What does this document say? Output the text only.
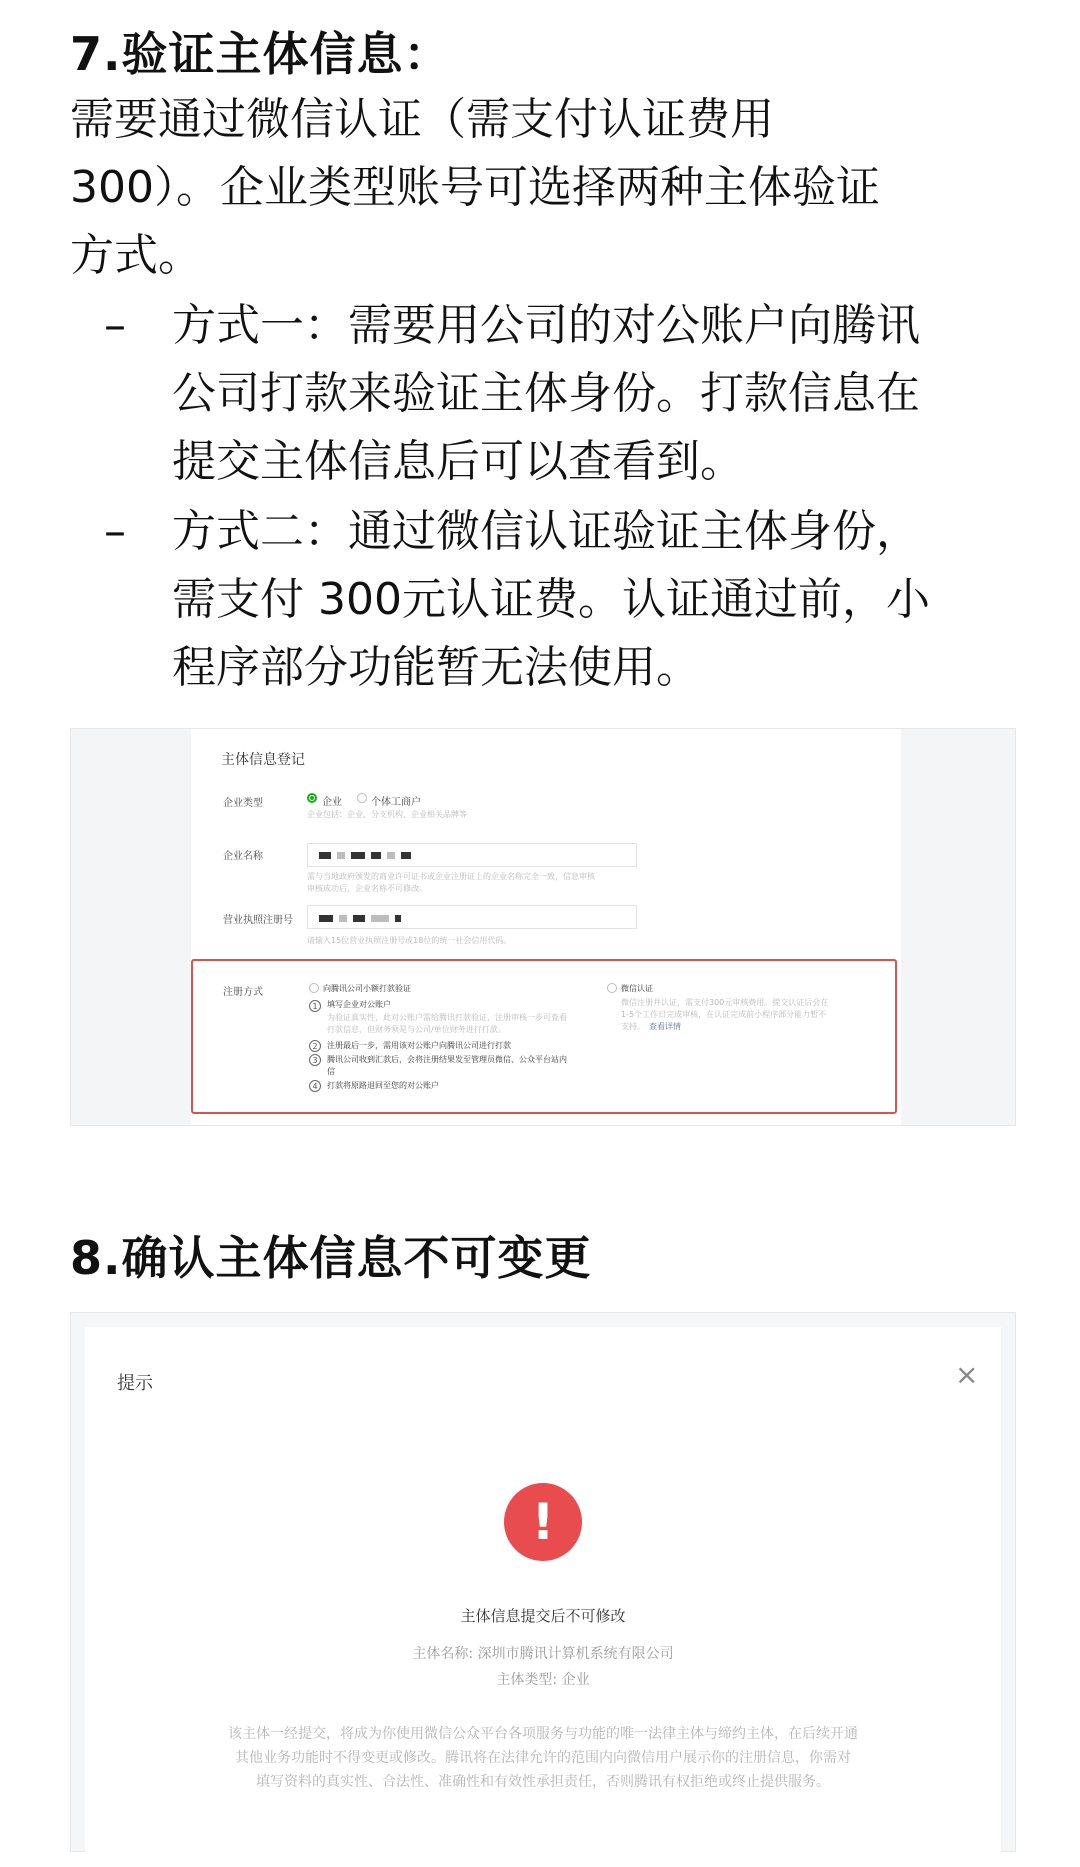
7.验证主体信息：
需要通过微信认证（需支付认证费用
300）。企业类型账号可选择两种主体验证
方式。
– 方式一：需要用公司的对公账户向腾讯
公司打款来验证主体身份。打款信息在
提交主体信息后可以查看到。
– 方式二：通过微信认证验证主体身份，
需支付 300元认证费。认证通过前，小
程序部分功能暂无法使用。
主体信息登记
企业类型	企业	个体工商户
企业包括：企业、分支机构、企业相关品牌等
企业名称
需与当地政府颁发的商业许可证书或企业注册证上的企业名称完全一致，信息审核
审核成功后，企业名称不可修改。
营业执照注册号
请输入15位营业执照注册号或18位的统一社会信用代码。
注册方式	向腾讯公司小额打款验证
1	填写企业对公账户
为验证真实性，此对公账户需给腾讯打款验证，注册审核一步可查看
打款信息，但财务须是与公司/单位财务进行打款。
2	注册最后一步，需用该对公账户向腾讯公司进行打款
3	腾讯公司收到汇款后，会将注册结果发至管理员微信、公众平台站内
信
4	打款将原路退回至您的对公账户
微信认证
微信注册并认证，需支付300元审核费用。提交认证后会在
1-5个工作日完成审核，在认证完成前小程序部分能力暂不
支持。 查看详情
8.确认主体信息不可变更
提示	×
!
主体信息提交后不可修改
主体名称: 深圳市腾讯计算机系统有限公司
主体类型: 企业
该主体一经提交，将成为你使用微信公众平台各项服务与功能的唯一法律主体与缔约主体，在后续开通
其他业务功能时不得变更或修改。腾讯将在法律允许的范围内向微信用户展示你的注册信息，你需对
填写资料的真实性、合法性、准确性和有效性承担责任，否则腾讯有权拒绝或终止提供服务。
